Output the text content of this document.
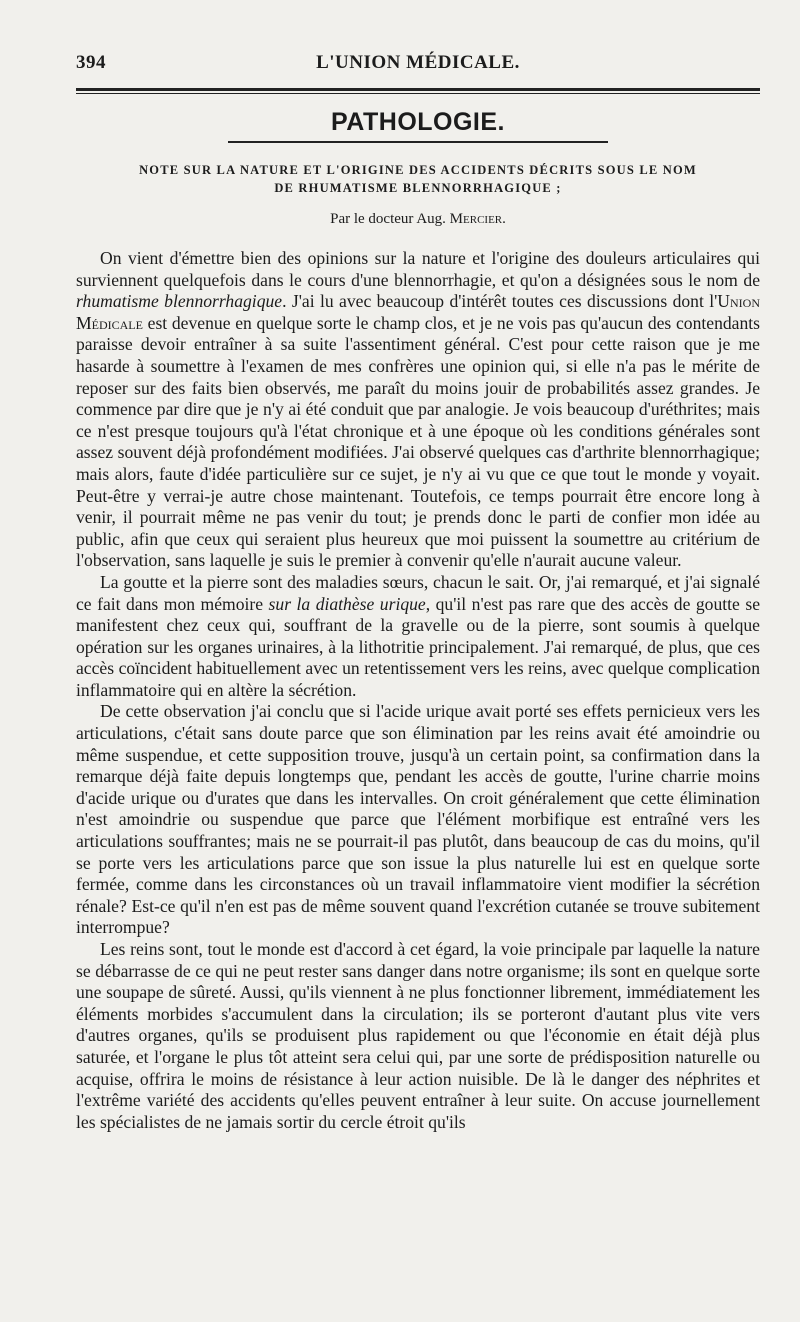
394	L'UNION MÉDICALE.
PATHOLOGIE.
NOTE SUR LA NATURE ET L'ORIGINE DES ACCIDENTS DÉCRITS SOUS LE NOM
DE RHUMATISME BLENNORRHAGIQUE ;
Par le docteur Aug. Mercier.

On vient d'émettre bien des opinions sur la nature et l'origine des douleurs articulaires qui surviennent quelquefois dans le cours d'une blennorrhagie, et qu'on a désignées sous le nom de rhumatisme blennorrhagique. J'ai lu avec beaucoup d'intérêt toutes ces discussions dont l'Union Médicale est devenue en quelque sorte le champ clos, et je ne vois pas qu'aucun des contendants paraisse devoir entraîner à sa suite l'assentiment général. C'est pour cette raison que je me hasarde à soumettre à l'examen de mes confrères une opinion qui, si elle n'a pas le mérite de reposer sur des faits bien observés, me paraît du moins jouir de probabilités assez grandes. Je commence par dire que je n'y ai été conduit que par analogie. Je vois beaucoup d'uréthrites; mais ce n'est presque toujours qu'à l'état chronique et à une époque où les conditions générales sont assez souvent déjà profondément modifiées. J'ai observé quelques cas d'arthrite blennorrhagique; mais alors, faute d'idée particulière sur ce sujet, je n'y ai vu que ce que tout le monde y voyait. Peut-être y verrai-je autre chose maintenant. Toutefois, ce temps pourrait être encore long à venir, il pourrait même ne pas venir du tout; je prends donc le parti de confier mon idée au public, afin que ceux qui seraient plus heureux que moi puissent la soumettre au critérium de l'observation, sans laquelle je suis le premier à convenir qu'elle n'aurait aucune valeur.

La goutte et la pierre sont des maladies sœurs, chacun le sait. Or, j'ai remarqué, et j'ai signalé ce fait dans mon mémoire sur la diathèse urique, qu'il n'est pas rare que des accès de goutte se manifestent chez ceux qui, souffrant de la gravelle ou de la pierre, sont soumis à quelque opération sur les organes urinaires, à la lithotritie principalement. J'ai remarqué, de plus, que ces accès coïncident habituellement avec un retentissement vers les reins, avec quelque complication inflammatoire qui en altère la sécrétion.

De cette observation j'ai conclu que si l'acide urique avait porté ses effets pernicieux vers les articulations, c'était sans doute parce que son élimination par les reins avait été amoindrie ou même suspendue, et cette supposition trouve, jusqu'à un certain point, sa confirmation dans la remarque déjà faite depuis longtemps que, pendant les accès de goutte, l'urine charrie moins d'acide urique ou d'urates que dans les intervalles. On croit généralement que cette élimination n'est amoindrie ou suspendue que parce que l'élément morbifique est entraîné vers les articulations souffrantes; mais ne se pourrait-il pas plutôt, dans beaucoup de cas du moins, qu'il se porte vers les articulations parce que son issue la plus naturelle lui est en quelque sorte fermée, comme dans les circonstances où un travail inflammatoire vient modifier la sécrétion rénale? Est-ce qu'il n'en est pas de même souvent quand l'excrétion cutanée se trouve subitement interrompue?

Les reins sont, tout le monde est d'accord à cet égard, la voie principale par laquelle la nature se débarrasse de ce qui ne peut rester sans danger dans notre organisme; ils sont en quelque sorte une soupape de sûreté. Aussi, qu'ils viennent à ne plus fonctionner librement, immédiatement les éléments morbides s'accumulent dans la circulation; ils se porteront d'autant plus vite vers d'autres organes, qu'ils se produisent plus rapidement ou que l'économie en était déjà plus saturée, et l'organe le plus tôt atteint sera celui qui, par une sorte de prédisposition naturelle ou acquise, offrira le moins de résistance à leur action nuisible. De là le danger des néphrites et l'extrême variété des accidents qu'elles peuvent entraîner à leur suite. On accuse journellement les spécialistes de ne jamais sortir du cercle étroit qu'ils
